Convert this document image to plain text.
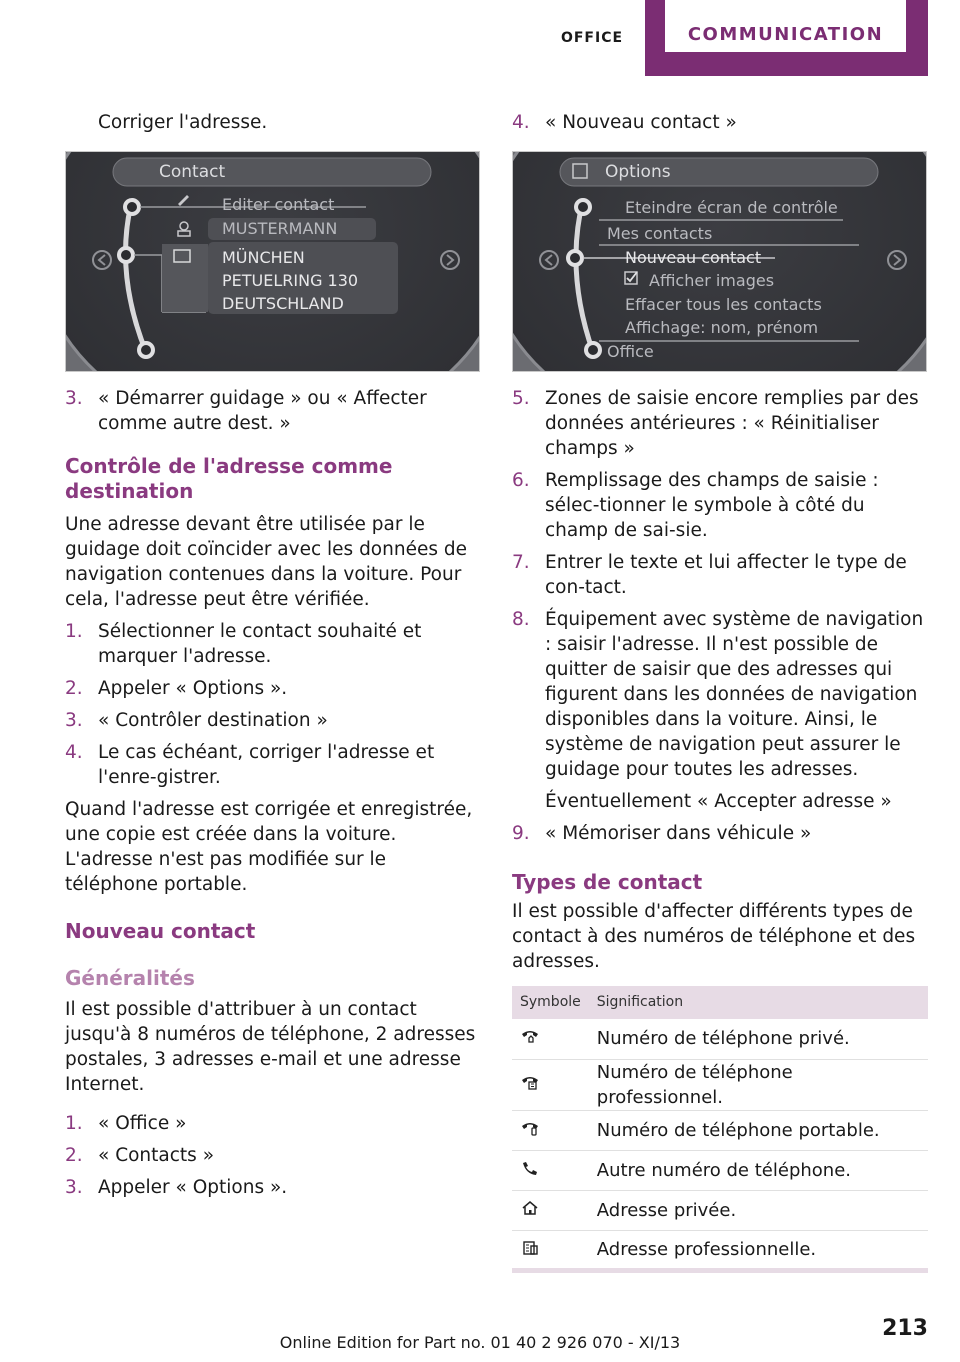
OFFICE	COMMUNICATION

Corriger l'adresse.

Contact
Editer contact
MUSTERMANN
MÜNCHEN
PETUELRING 130
DEUTSCHLAND
3. « Démarrer guidage » ou « Affecter comme autre dest. »
Contrôle de l'adresse comme destination

Une adresse devant être utilisée par le guidage doit coïncider avec les données de navigation contenues dans la voiture. Pour cela, l'adresse peut être vérifiée.

1. Sélectionner le contact souhaité et marquer l'adresse.
2. Appeler « Options ».
3. « Contrôler destination »
4. Le cas échéant, corriger l'adresse et l'enre‐gistrer.

Quand l'adresse est corrigée et enregistrée, une copie est créée dans la voiture. L'adresse n'est pas modifiée sur le téléphone portable.

Nouveau contact
Généralités

Il est possible d'attribuer à un contact jusqu'à 8 numéros de téléphone, 2 adresses postales, 3 adresses e-mail et une adresse Internet.

1. « Office »
2. « Contacts »
3. Appeler « Options ».
4. « Nouveau contact »
Options
Eteindre écran de contrôle
Mes contacts
Nouveau contact
Afficher images
Effacer tous les contacts
Affichage: nom, prénom
Office
5. Zones de saisie encore remplies par des données antérieures : « Réinitialiser champs »
6. Remplissage des champs de saisie : sélec‐tionner le symbole à côté du champ de sai‐sie.
7. Entrer le texte et lui affecter le type de con‐tact.
8. Équipement avec système de navigation : saisir l'adresse. Il n'est possible de quitter de saisir que des adresses qui figurent dans les données de navigation disponibles dans la voiture. Ainsi, le système de navigation peut assurer le guidage pour toutes les adresses.

Éventuellement « Accepter adresse »

9. « Mémoriser dans véhicule »
Types de contact

Il est possible d'affecter différents types de contact à des numéros de téléphone et des adresses.

Symbole	Signification
	Numéro de téléphone privé.
	Numéro de téléphone professionnel.
	Numéro de téléphone portable.
	Autre numéro de téléphone.
	Adresse privée.
	Adresse professionnelle.
213
Online Edition for Part no. 01 40 2 926 070 - XI/13
